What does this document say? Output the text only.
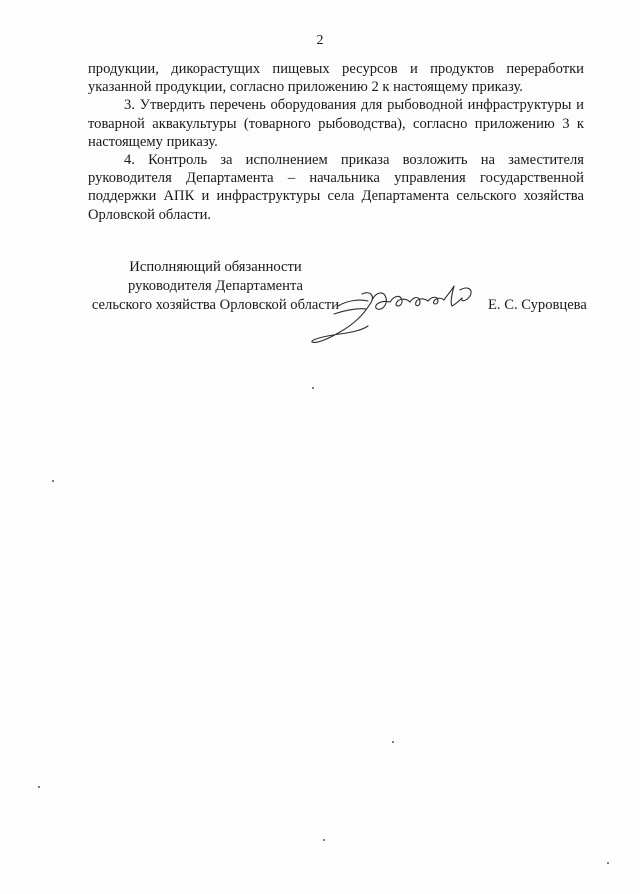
2

продукции, дикорастущих пищевых ресурсов и продуктов переработки указанной продукции, согласно приложению 2 к настоящему приказу.

3. Утвердить перечень оборудования для рыбоводной инфраструктуры и товарной аквакультуры (товарного рыбоводства), согласно приложению 3 к настоящему приказу.

4. Контроль за исполнением приказа возложить на заместителя руководителя Департамента – начальника управления государственной поддержки АПК и инфраструктуры села Департамента сельского хозяйства Орловской области.

Исполняющий обязанности
руководителя Департамента
сельского хозяйства Орловской области	Е. С. Суровцева
